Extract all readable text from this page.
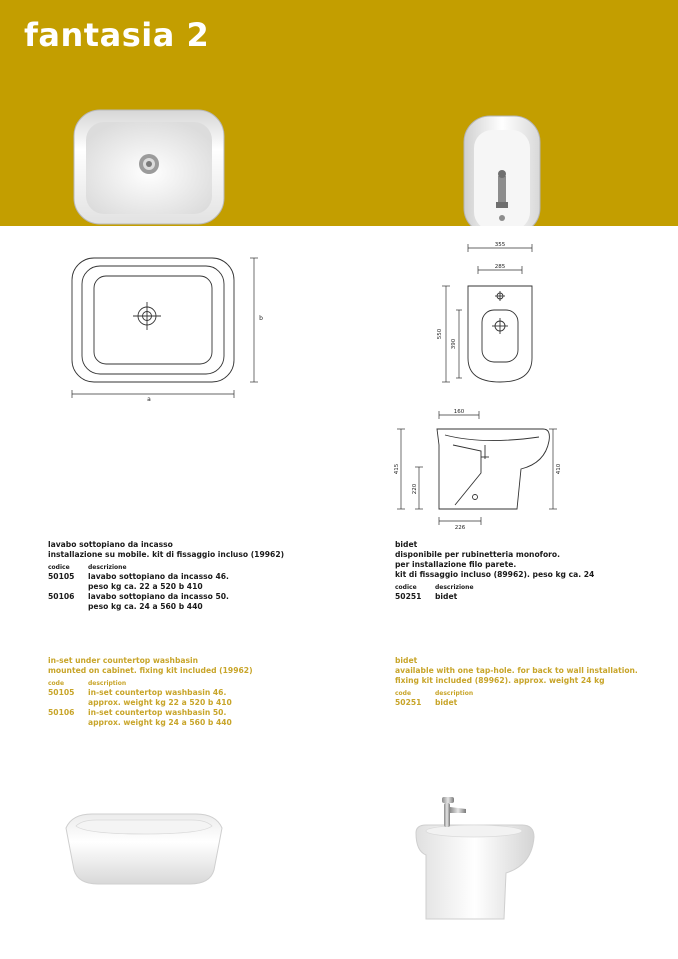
fantasia 2
a
b
355
285
550
390
160
415
220
410
226
lavabo sottopiano da incasso
installazione su mobile. kit di fissaggio incluso (19962)
codice	descrizione
50105	lavabo sottopiano da incasso 46.
peso kg ca. 22 a 520 b 410

50106	lavabo sottopiano da incasso 50.
peso kg ca. 24 a 560 b 440
bidet
disponibile per rubinetteria monoforo.
per installazione filo parete.
kit di fissaggio incluso (89962). peso kg ca. 24
codice	descrizione
50251	bidet
in-set under countertop washbasin
mounted on cabinet. fixing kit included (19962)
code	description
50105	in-set countertop washbasin 46.
approx. weight kg 22 a 520 b 410

50106	in-set countertop washbasin 50.
approx. weight kg 24 a 560 b 440
bidet
available with one tap-hole. for back to wall installation.
fixing kit included (89962). approx. weight 24 kg
code	description
50251	bidet
